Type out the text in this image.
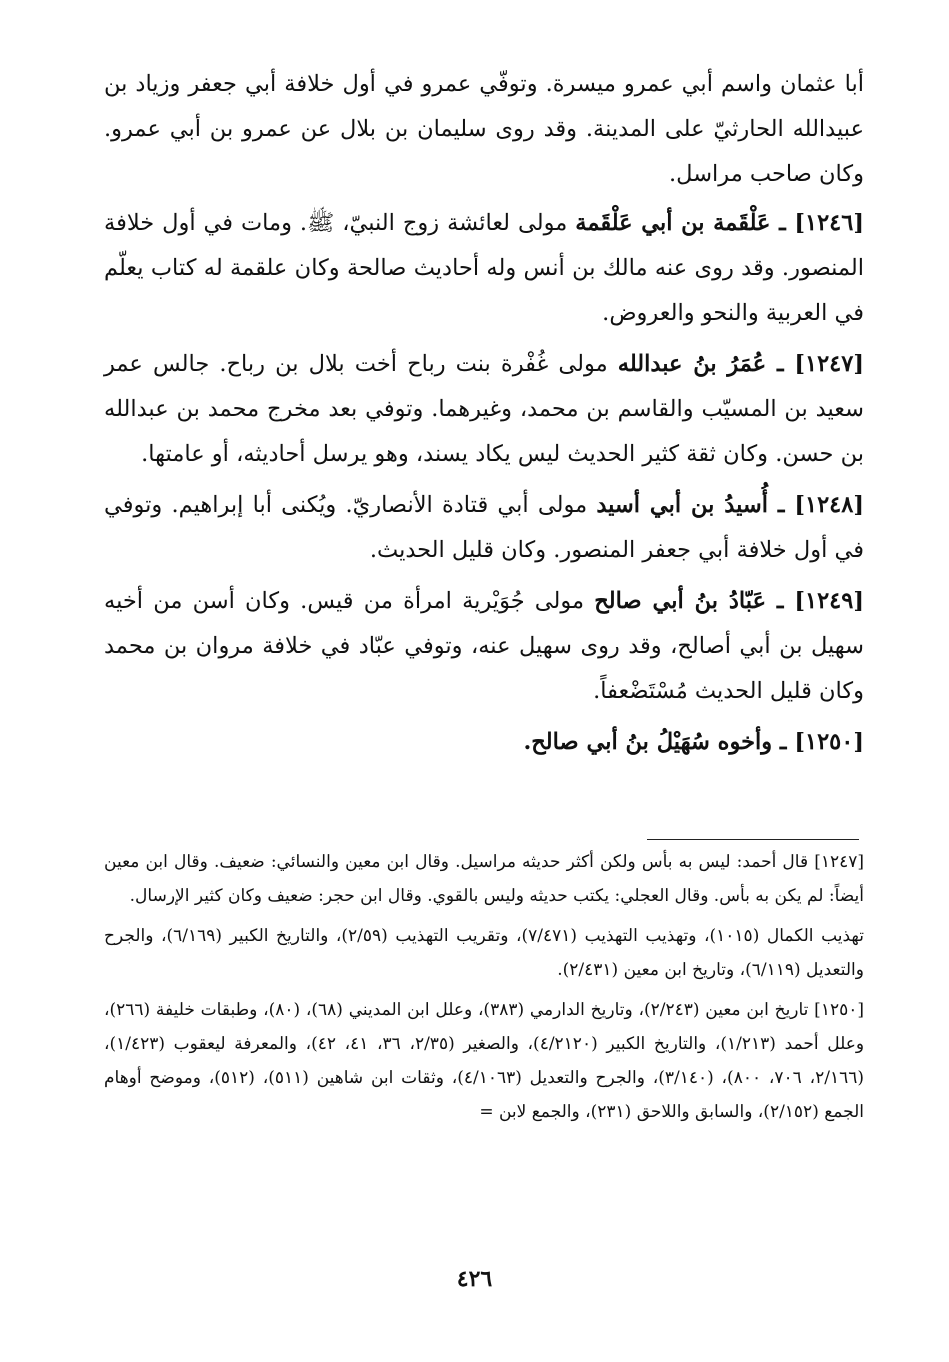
أبا عثمان واسم أبي عمرو ميسرة. وتوفّي عمرو في أول خلافة أبي جعفر وزياد بن عبيدالله الحارثيّ على المدينة. وقد روى سليمان بن بلال عن عمرو بن أبي عمرو. وكان صاحب مراسل.

[١٢٤٦] ـ عَلْقَمة بن أبي عَلْقَمة مولى لعائشة زوج النبيّ، ﷺ. ومات في أول خلافة المنصور. وقد روى عنه مالك بن أنس وله أحاديث صالحة وكان علقمة له كتاب يعلّم في العربية والنحو والعروض.

[١٢٤٧] ـ عُمَرُ بنُ عبدالله مولى غُفْرة بنت رباح أخت بلال بن رباح. جالس عمر سعيد بن المسيّب والقاسم بن محمد، وغيرهما. وتوفي بعد مخرج محمد بن عبدالله بن حسن. وكان ثقة كثير الحديث ليس يكاد يسند، وهو يرسل أحاديثه، أو عامتها.

[١٢٤٨] ـ أُسيدُ بن أبي أسيد مولى أبي قتادة الأنصاريّ. ويُكنى أبا إبراهيم. وتوفي في أول خلافة أبي جعفر المنصور. وكان قليل الحديث.

[١٢٤٩] ـ عَبّادُ بنُ أبي صالح مولى جُوَيْرية امرأة من قيس. وكان أسن من أخيه سهيل بن أبي أصالح، وقد روى سهيل عنه، وتوفي عبّاد في خلافة مروان بن محمد وكان قليل الحديث مُسْتَضْعفاً.

[١٢٥٠] ـ وأخوه سُهَيْلُ بنُ أبي صالح.

[١٢٤٧] قال أحمد: ليس به بأس ولكن أكثر حديثه مراسيل. وقال ابن معين والنسائي: ضعيف. وقال ابن معين أيضاً: لم يكن به بأس. وقال العجلي: يكتب حديثه وليس بالقوي. وقال ابن حجر: ضعيف وكان كثير الإرسال.

تهذيب الكمال (١٠١٥)، وتهذيب التهذيب (٧/٤٧١)، وتقريب التهذيب (٢/٥٩)، والتاريخ الكبير (٦/١٦٩)، والجرح والتعديل (٦/١١٩)، وتاريخ ابن معين (٢/٤٣١).

[١٢٥٠] تاريخ ابن معين (٢/٢٤٣)، وتاريخ الدارمي (٣٨٣)، وعلل ابن المديني (٦٨)، (٨٠)، وطبقات خليفة (٢٦٦)، وعلل أحمد (١/٢١٣)، والتاريخ الكبير (٤/٢١٢٠)، والصغير (٢/٣٥، ٣٦، ٤١، ٤٢)، والمعرفة ليعقوب (١/٤٢٣)، (٢/١٦٦، ٧٠٦، ٨٠٠)، (٣/١٤٠)، والجرح والتعديل (٤/١٠٦٣)، وثقات ابن شاهين (٥١١)، (٥١٢)، وموضح أوهام الجمع (٢/١٥٢)، والسابق واللاحق (٢٣١)، والجمع لابن =

٤٢٦
